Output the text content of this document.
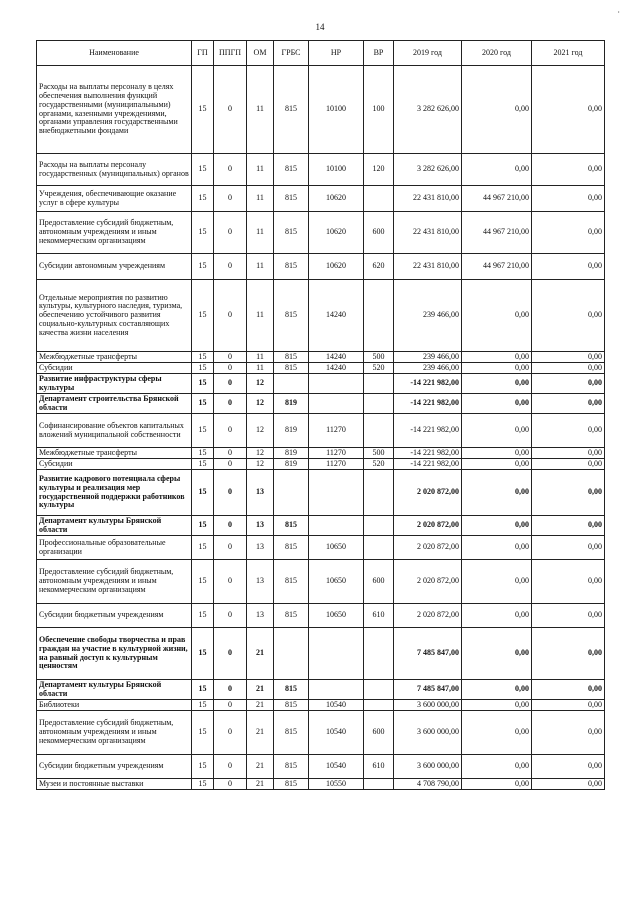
14
·
Наименование	ГП	ППГП	ОМ	ГРБС	НР	ВР	2019 год	2020 год	2021 год
Расходы на выплаты персоналу в целях обеспечения выполнения функций государственными (муниципальными) органами, казенными учреждениями, органами управления государственными внебюджетными фондами	15	0	11	815	10100	100	3 282 626,00	0,00	0,00
Расходы на выплаты персоналу государственных (муниципальных) органов	15	0	11	815	10100	120	3 282 626,00	0,00	0,00
Учреждения, обеспечивающие оказание услуг в сфере культуры	15	0	11	815	10620		22 431 810,00	44 967 210,00	0,00
Предоставление субсидий бюджетным, автономным учреждениям и иным некоммерческим организациям	15	0	11	815	10620	600	22 431 810,00	44 967 210,00	0,00
Субсидии автономным учреждениям	15	0	11	815	10620	620	22 431 810,00	44 967 210,00	0,00
Отдельные мероприятия по развитию культуры, культурного наследия, туризма, обеспечению устойчивого развития социально-культурных составляющих качества жизни населения	15	0	11	815	14240		239 466,00	0,00	0,00
Межбюджетные трансферты	15	0	11	815	14240	500	239 466,00	0,00	0,00
Субсидии	15	0	11	815	14240	520	239 466,00	0,00	0,00
Развитие инфраструктуры сферы культуры	15	0	12				-14 221 982,00	0,00	0,00
Департамент строительства Брянской области	15	0	12	819			-14 221 982,00	0,00	0,00
Софинансирование объектов капитальных вложений муниципальной собственности	15	0	12	819	11270		-14 221 982,00	0,00	0,00
Межбюджетные трансферты	15	0	12	819	11270	500	-14 221 982,00	0,00	0,00
Субсидии	15	0	12	819	11270	520	-14 221 982,00	0,00	0,00
Развитие кадрового потенциала сферы культуры и реализация мер государственной поддержки работников культуры	15	0	13				2 020 872,00	0,00	0,00
Департамент культуры Брянской области	15	0	13	815			2 020 872,00	0,00	0,00
Профессиональные образовательные организации	15	0	13	815	10650		2 020 872,00	0,00	0,00
Предоставление субсидий бюджетным, автономным учреждениям и иным некоммерческим организациям	15	0	13	815	10650	600	2 020 872,00	0,00	0,00
Субсидии бюджетным учреждениям	15	0	13	815	10650	610	2 020 872,00	0,00	0,00
Обеспечение свободы творчества и прав граждан на участие в культурной жизни, на равный доступ к культурным ценностям	15	0	21				7 485 847,00	0,00	0,00
Департамент культуры Брянской области	15	0	21	815			7 485 847,00	0,00	0,00
Библиотеки	15	0	21	815	10540		3 600 000,00	0,00	0,00
Предоставление субсидий бюджетным, автономным учреждениям и иным некоммерческим организациям	15	0	21	815	10540	600	3 600 000,00	0,00	0,00
Субсидии бюджетным учреждениям	15	0	21	815	10540	610	3 600 000,00	0,00	0,00
Музеи и постоянные выставки	15	0	21	815	10550		4 708 790,00	0,00	0,00
